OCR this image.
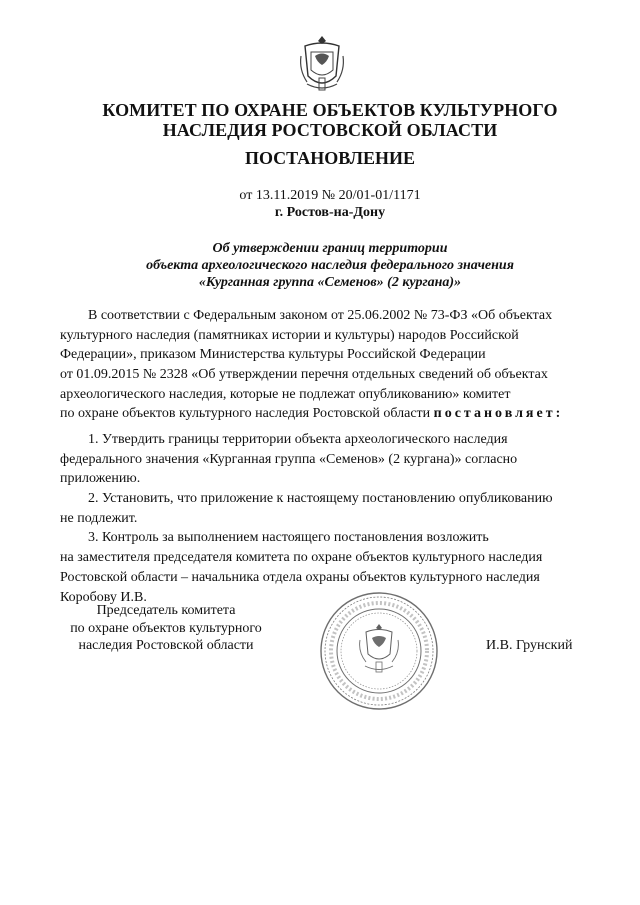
КОМИТЕТ ПО ОХРАНЕ ОБЪЕКТОВ КУЛЬТУРНОГО
НАСЛЕДИЯ РОСТОВСКОЙ ОБЛАСТИ
ПОСТАНОВЛЕНИЕ
от 13.11.2019 № 20/01-01/1171
г. Ростов-на-Дону
Об утверждении границ территории
объекта археологического наследия федерального значения
«Курганная группа «Семенов» (2 кургана)»
В соответствии с Федеральным законом от 25.06.2002 № 73-ФЗ «Об объектах
культурного наследия (памятниках истории и культуры) народов Российской
Федерации», приказом Министерства культуры Российской Федерации
от 01.09.2015 № 2328 «Об утверждении перечня отдельных сведений об объектах
археологического наследия, которые не подлежат опубликованию» комитет
по охране объектов культурного наследия Ростовской области постановляет:
1. Утвердить границы территории объекта археологического наследия
федерального значения «Курганная группа «Семенов» (2 кургана)» согласно
приложению.
2. Установить, что приложение к настоящему постановлению опубликованию
не подлежит.
3. Контроль за выполнением настоящего постановления возложить
на заместителя председателя комитета по охране объектов культурного наследия
Ростовской области – начальника отдела охраны объектов культурного наследия
Коробову И.В.
Председатель комитета
по охране объектов культурного
наследия Ростовской области	И.В. Грунский
